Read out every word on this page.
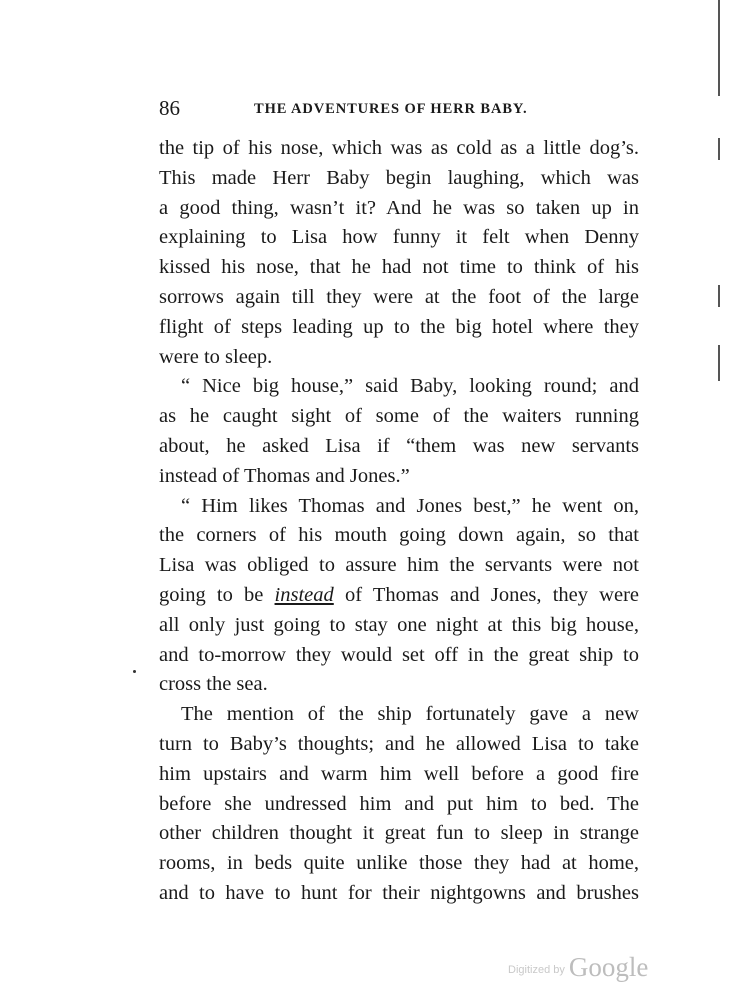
86	THE ADVENTURES OF HERR BABY.
the tip of his nose, which was as cold as a little dog’s.
This made Herr Baby begin laughing, which was
a good thing, wasn’t it? And he was so taken up in
explaining to Lisa how funny it felt when Denny
kissed his nose, that he had not time to think of his
sorrows again till they were at the foot of the large
flight of steps leading up to the big hotel where they
were to sleep.
“ Nice big house,” said Baby, looking round; and
as he caught sight of some of the waiters running
about, he asked Lisa if “them was new servants
instead of Thomas and Jones.”
“ Him likes Thomas and Jones best,” he went on,
the corners of his mouth going down again, so that
Lisa was obliged to assure him the servants were not
going to be instead of Thomas and Jones, they were
all only just going to stay one night at this big house,
and to-morrow they would set off in the great ship to
cross the sea.
The mention of the ship fortunately gave a new
turn to Baby’s thoughts; and he allowed Lisa to take
him upstairs and warm him well before a good fire
before she undressed him and put him to bed. The
other children thought it great fun to sleep in strange
rooms, in beds quite unlike those they had at home,
and to have to hunt for their nightgowns and brushes
Digitized by Google
